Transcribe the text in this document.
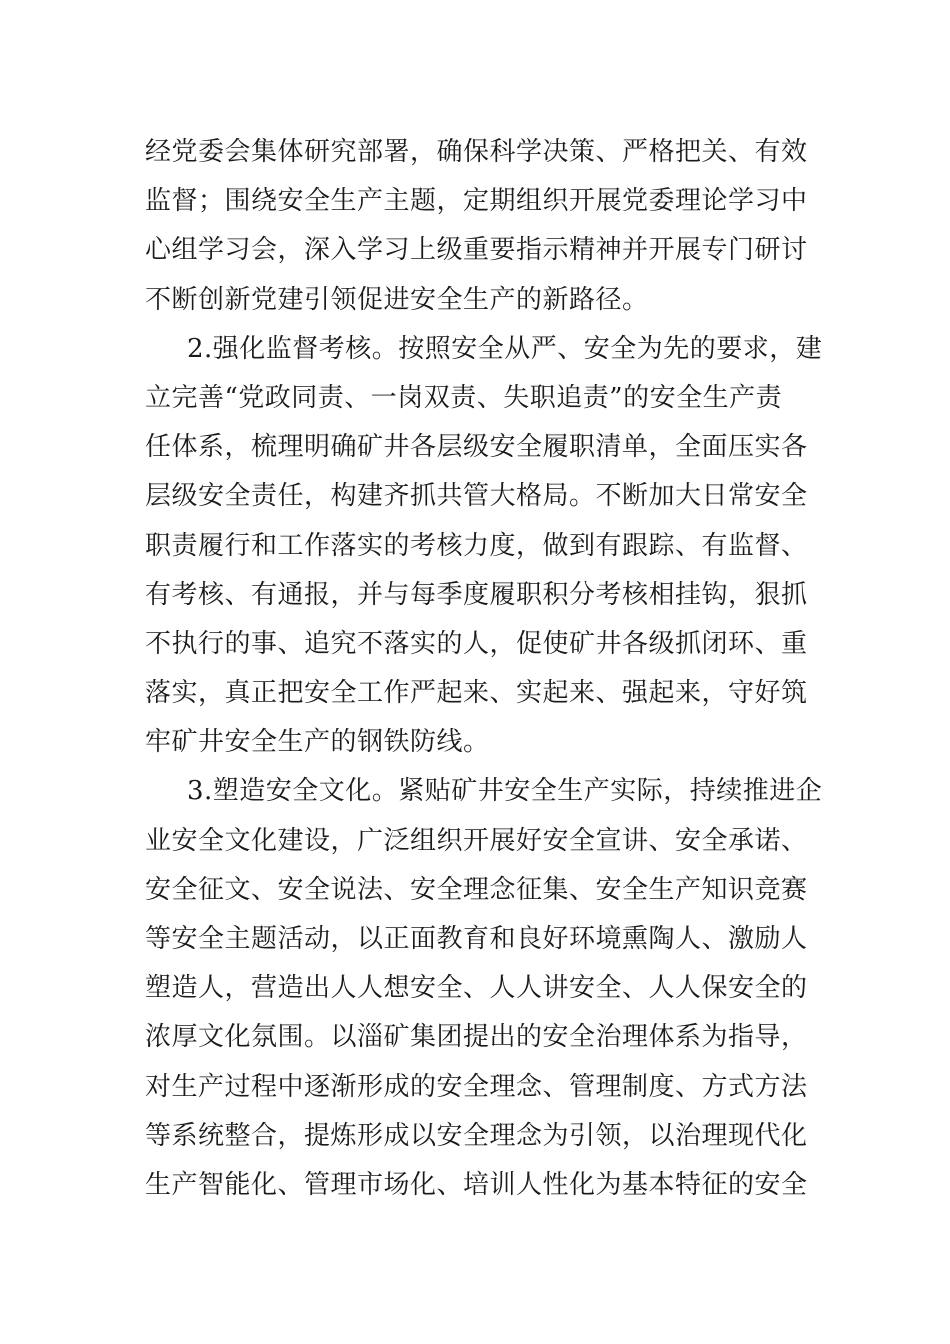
经党委会集体研究部署，确保科学决策、严格把关、有效
监督；围绕安全生产主题，定期组织开展党委理论学习中
心组学习会，深入学习上级重要指示精神并开展专门研讨
不断创新党建引领促进安全生产的新路径。
2.强化监督考核。按照安全从严、安全为先的要求，建
立完善“党政同责、一岗双责、失职追责”的安全生产责
任体系，梳理明确矿井各层级安全履职清单，全面压实各
层级安全责任，构建齐抓共管大格局。不断加大日常安全
职责履行和工作落实的考核力度，做到有跟踪、有监督、
有考核、有通报，并与每季度履职积分考核相挂钩，狠抓
不执行的事、追究不落实的人，促使矿井各级抓闭环、重
落实，真正把安全工作严起来、实起来、强起来，守好筑
牢矿井安全生产的钢铁防线。
3.塑造安全文化。紧贴矿井安全生产实际，持续推进企
业安全文化建设，广泛组织开展好安全宣讲、安全承诺、
安全征文、安全说法、安全理念征集、安全生产知识竞赛
等安全主题活动，以正面教育和良好环境熏陶人、激励人
塑造人，营造出人人想安全、人人讲安全、人人保安全的
浓厚文化氛围。以淄矿集团提出的安全治理体系为指导，
对生产过程中逐渐形成的安全理念、管理制度、方式方法
等系统整合，提炼形成以安全理念为引领，以治理现代化
生产智能化、管理市场化、培训人性化为基本特征的安全
